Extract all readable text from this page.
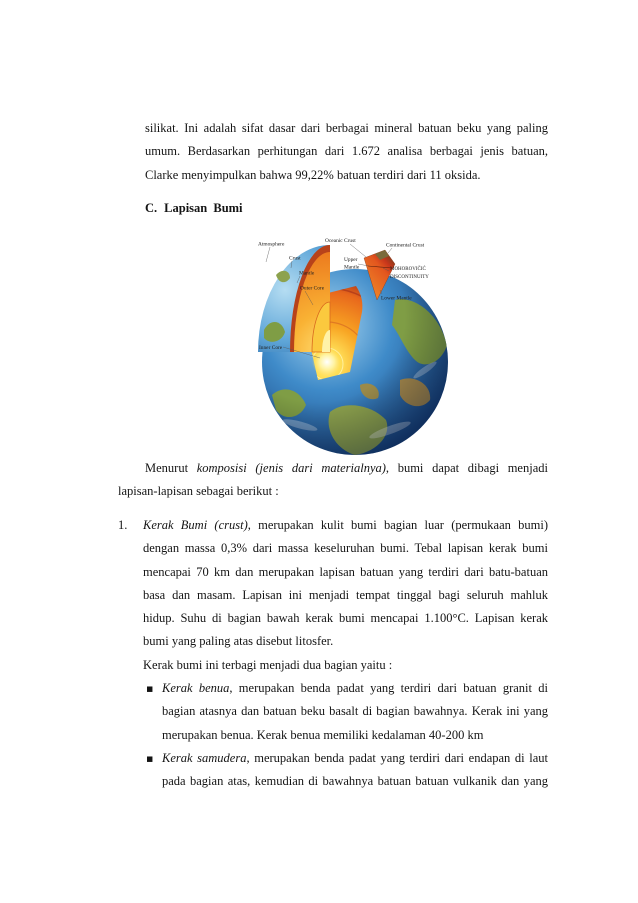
silikat. Ini adalah sifat dasar dari berbagai mineral batuan beku yang paling
umum. Berdasarkan perhitungan dari 1.672 analisa berbagai jenis batuan,
Clarke menyimpulkan bahwa 99,22% batuan terdiri dari 11 oksida.
C. Lapisan Bumi
Atmosphere
Crust
Mantle
Outer Core
Inner Core
Oceanic Crust
Continental Crust
Upper
Mantle	MOHOROVIČIĆ
DISCONTINUITY
Lower Mantle
Menurut komposisi (jenis dari materialnya), bumi dapat dibagi menjadi
lapisan-lapisan sebagai berikut :
1. Kerak Bumi (crust), merupakan kulit bumi bagian luar (permukaan bumi)
dengan massa 0,3% dari massa keseluruhan bumi. Tebal lapisan kerak bumi
mencapai 70 km dan merupakan lapisan batuan yang terdiri dari batu-batuan
basa dan masam. Lapisan ini menjadi tempat tinggal bagi seluruh mahluk
hidup. Suhu di bagian bawah kerak bumi mencapai 1.100°C. Lapisan kerak
bumi yang paling atas disebut litosfer.
Kerak bumi ini terbagi menjadi dua bagian yaitu :
▪ Kerak benua, merupakan benda padat yang terdiri dari batuan granit di
bagian atasnya dan batuan beku basalt di bagian bawahnya. Kerak ini yang
merupakan benua. Kerak benua memiliki kedalaman 40-200 km
▪ Kerak samudera, merupakan benda padat yang terdiri dari endapan di laut
pada bagian atas, kemudian di bawahnya batuan batuan vulkanik dan yang
